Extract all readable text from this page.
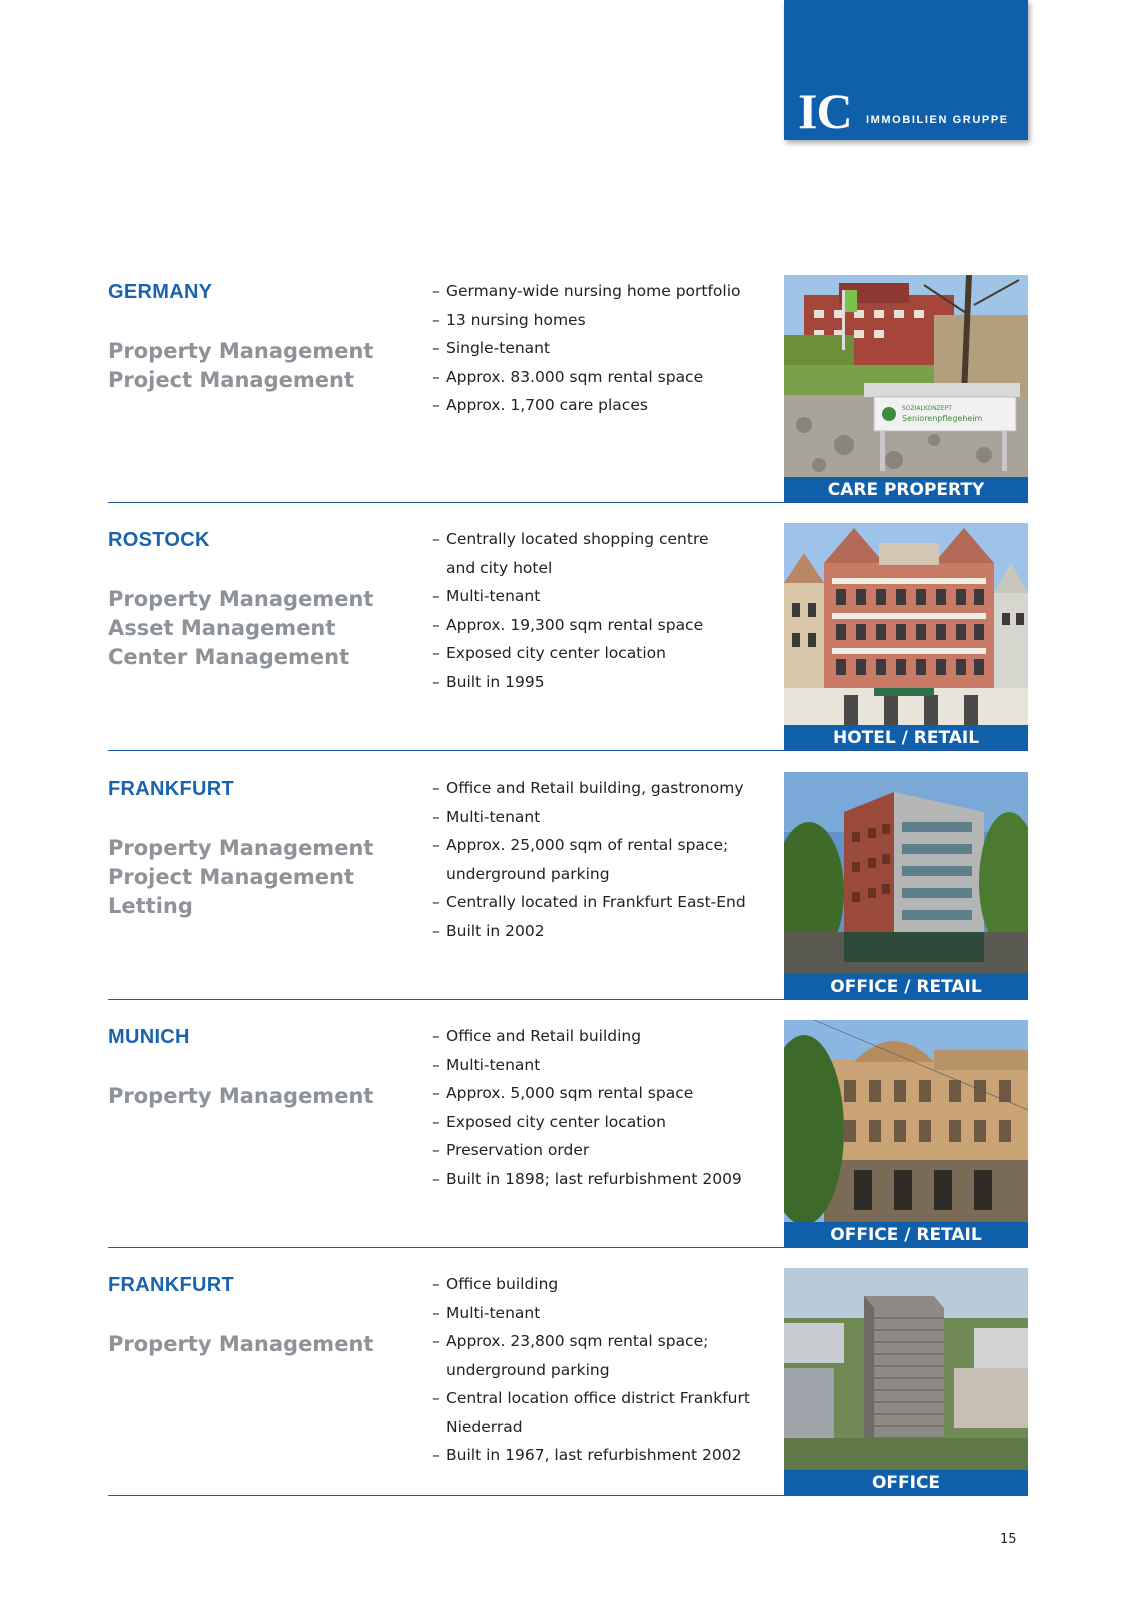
IC IMMOBILIEN GRUPPE
GERMANY
Property Management
Project Management
– Germany-wide nursing home portfolio
– 13 nursing homes
– Single-tenant
– Approx. 83.000 sqm rental space
– Approx. 1,700 care places	SOZIALKONZEPT
Seniorenpflegeheim
CARE PROPERTY
ROSTOCK
Property Management
Asset Management
Center Management
– Centrally located shopping centre
and city hotel
– Multi-tenant
– Approx. 19,300 sqm rental space
– Exposed city center location
– Built in 1995
HOTEL / RETAIL
FRANKFURT
Property Management
Project Management
Letting
– Office and Retail building, gastronomy
– Multi-tenant
– Approx. 25,000 sqm of rental space;
underground parking
– Centrally located in Frankfurt East-End
– Built in 2002
OFFICE / RETAIL
MUNICH
Property Management
– Office and Retail building
– Multi-tenant
– Approx. 5,000 sqm rental space
– Exposed city center location
– Preservation order
– Built in 1898; last refurbishment 2009
OFFICE / RETAIL
FRANKFURT
Property Management
– Office building
– Multi-tenant
– Approx. 23,800 sqm rental space;
underground parking
– Central location office district Frankfurt
Niederrad
– Built in 1967, last refurbishment 2002
OFFICE
15
